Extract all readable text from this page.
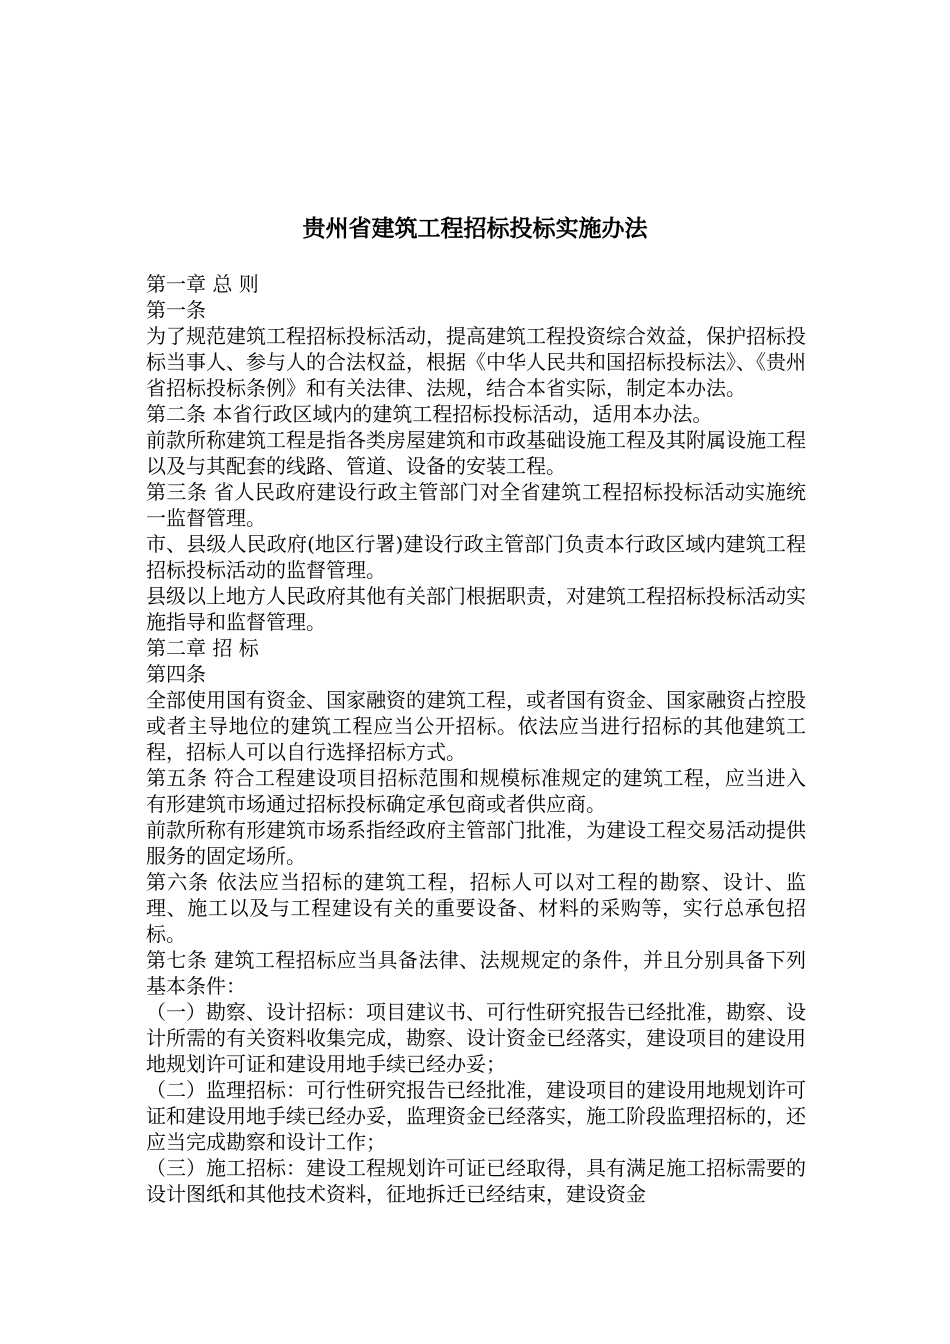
贵州省建筑工程招标投标实施办法

第一章 总 则

第一条

为了规范建筑工程招标投标活动，提高建筑工程投资综合效益，保护招标投标当事人、参与人的合法权益，根据《中华人民共和国招标投标法》、《贵州省招标投标条例》和有关法律、法规，结合本省实际，制定本办法。

第二条 本省行政区域内的建筑工程招标投标活动，适用本办法。

前款所称建筑工程是指各类房屋建筑和市政基础设施工程及其附属设施工程以及与其配套的线路、管道、设备的安装工程。

第三条 省人民政府建设行政主管部门对全省建筑工程招标投标活动实施统一监督管理。

市、县级人民政府(地区行署)建设行政主管部门负责本行政区域内建筑工程招标投标活动的监督管理。

县级以上地方人民政府其他有关部门根据职责，对建筑工程招标投标活动实施指导和监督管理。

第二章 招 标

第四条

全部使用国有资金、国家融资的建筑工程，或者国有资金、国家融资占控股或者主导地位的建筑工程应当公开招标。依法应当进行招标的其他建筑工程，招标人可以自行选择招标方式。

第五条 符合工程建设项目招标范围和规模标准规定的建筑工程，应当进入有形建筑市场通过招标投标确定承包商或者供应商。

前款所称有形建筑市场系指经政府主管部门批准，为建设工程交易活动提供服务的固定场所。

第六条 依法应当招标的建筑工程，招标人可以对工程的勘察、设计、监理、施工以及与工程建设有关的重要设备、材料的采购等，实行总承包招标。

第七条 建筑工程招标应当具备法律、法规规定的条件，并且分别具备下列基本条件：

（一）勘察、设计招标：项目建议书、可行性研究报告已经批准，勘察、设计所需的有关资料收集完成，勘察、设计资金已经落实，建设项目的建设用地规划许可证和建设用地手续已经办妥；

（二）监理招标：可行性研究报告已经批准，建设项目的建设用地规划许可证和建设用地手续已经办妥，监理资金已经落实，施工阶段监理招标的，还应当完成勘察和设计工作；

（三）施工招标：建设工程规划许可证已经取得，具有满足施工招标需要的设计图纸和其他技术资料，征地拆迁已经结束，建设资金
